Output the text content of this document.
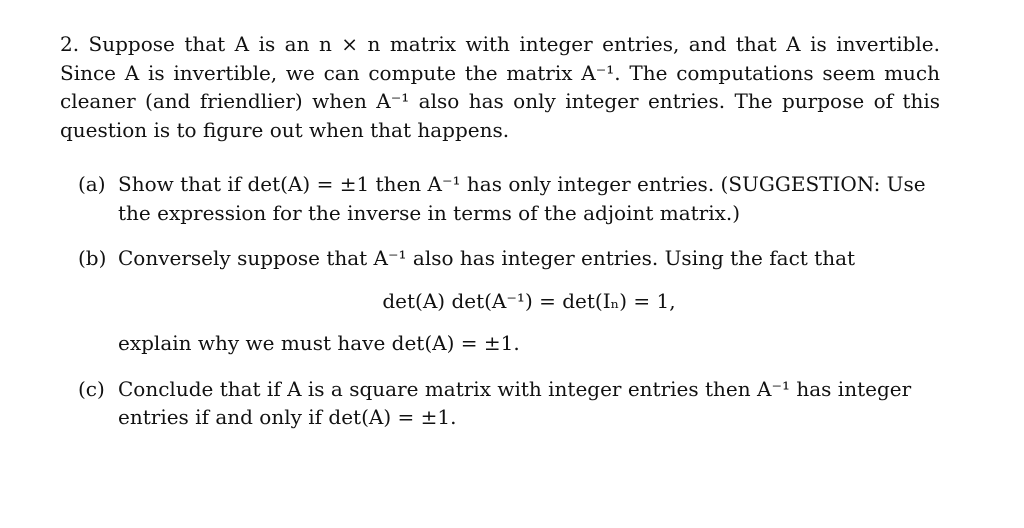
2. Suppose that A is an n × n matrix with integer entries, and that A is invertible. Since A is invertible, we can compute the matrix A⁻¹. The computations seem much cleaner (and friendlier) when A⁻¹ also has only integer entries. The purpose of this question is to figure out when that happens.

(a) Show that if det(A) = ±1 then A⁻¹ has only integer entries. (SUGGESTION: Use the expression for the inverse in terms of the adjoint matrix.)

(b) Conversely suppose that A⁻¹ also has integer entries. Using the fact that

det(A) det(A⁻¹) = det(Iₙ) = 1,

explain why we must have det(A) = ±1.

(c) Conclude that if A is a square matrix with integer entries then A⁻¹ has integer entries if and only if det(A) = ±1.
